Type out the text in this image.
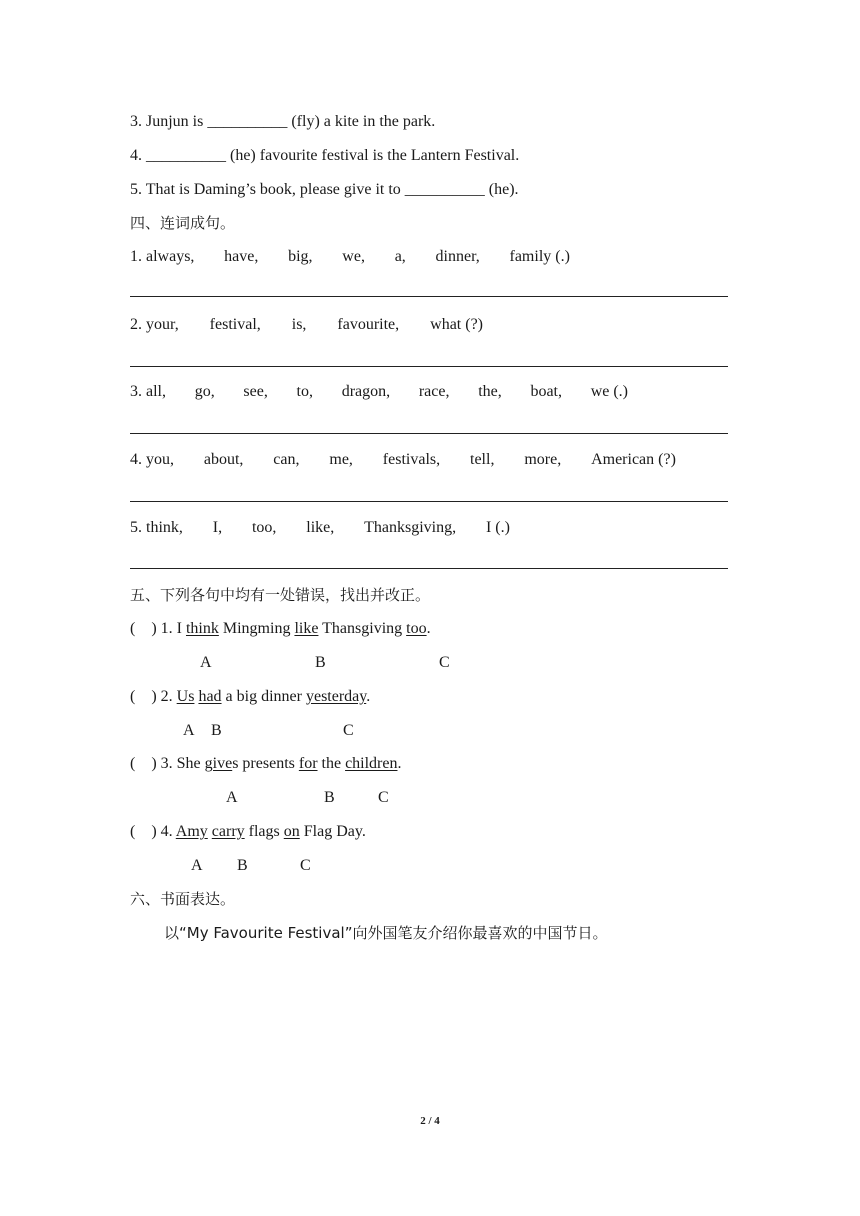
3. Junjun is __________ (fly) a kite in the park.
4. __________ (he) favourite festival is the Lantern Festival.
5. That is Daming’s book, please give it to __________ (he).
四、连词成句。
1. always, have, big, we, a, dinner, family (.)
2. your, festival, is, favourite, what (?)
3. all, go, see, to, dragon, race, the, boat, we (.)
4. you, about, can, me, festivals, tell, more, American (?)
5. think, I, too, like, Thanksgiving, I (.)
五、下列各句中均有一处错误，找出并改正。
(    ) 1. I think Mingming like Thansgiving too.
A	B	C
(    ) 2. Us had a big dinner yesterday.
A B	C
(    ) 3. She gives presents for the children.
A	B	C
(    ) 4. Amy carry flags on Flag Day.
A B	C
六、书面表达。
以“My Favourite Festival”向外国笔友介绍你最喜欢的中国节日。
2 / 4
